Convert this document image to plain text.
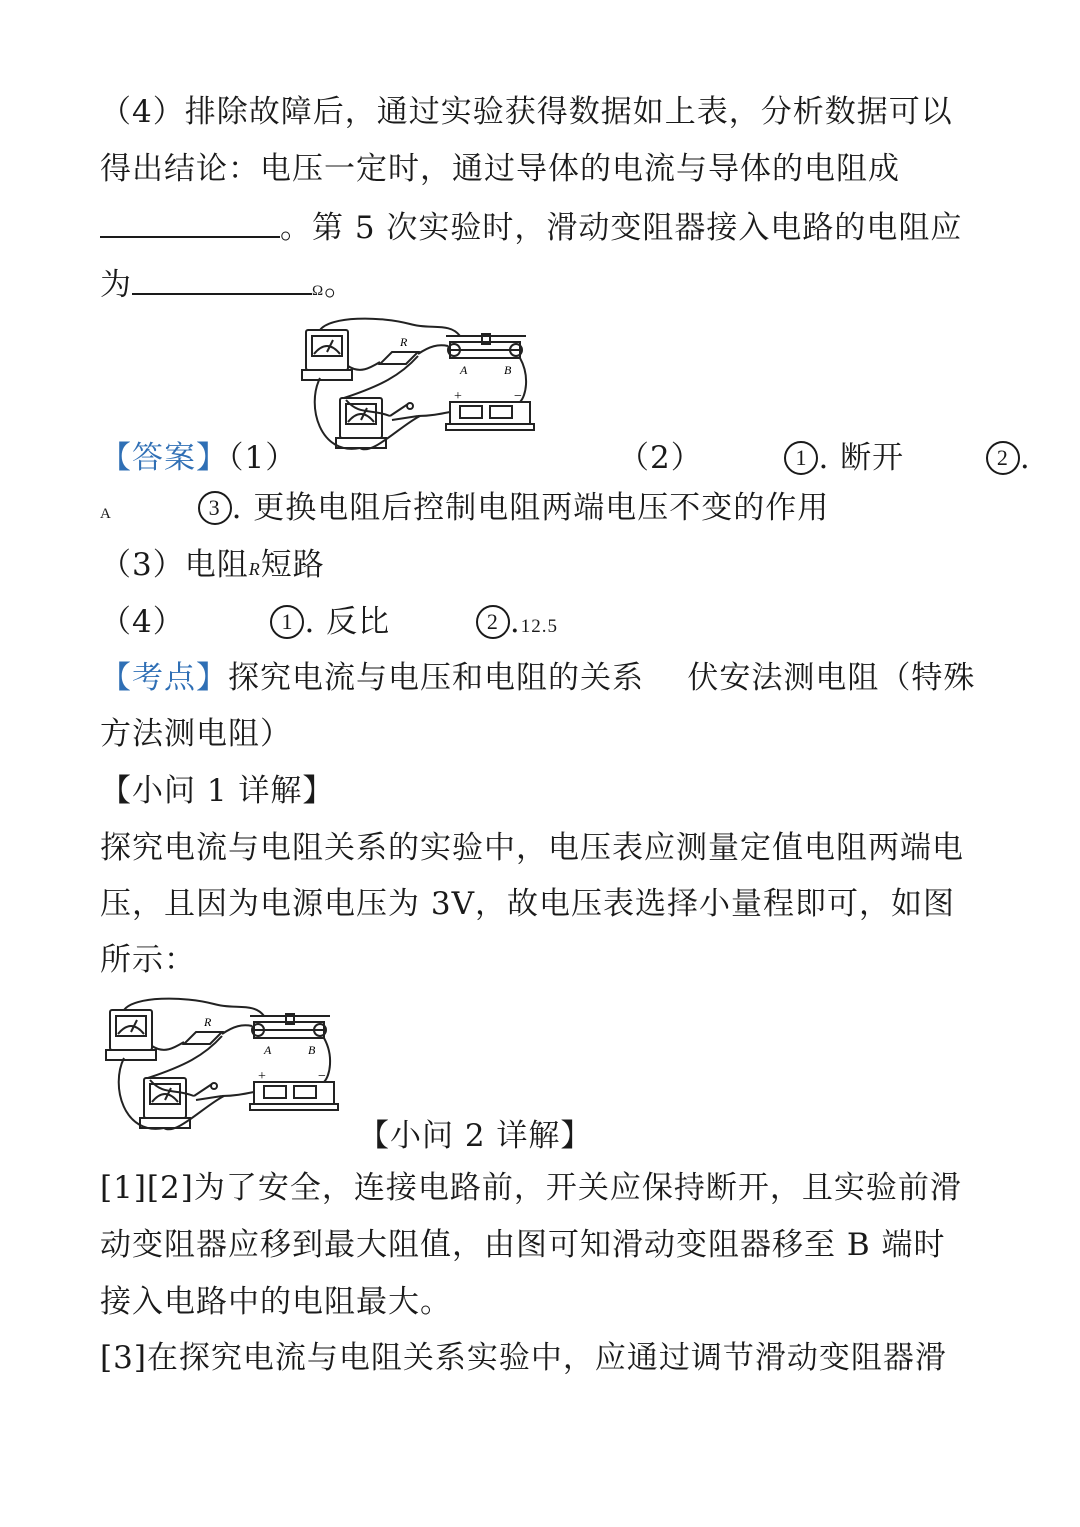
（4）排除故障后，通过实验获得数据如上表，分析数据可以
得出结论：电压一定时，通过导体的电流与导体的电阻成
。第 5 次实验时，滑动变阻器接入电路的电阻应
为	Ω。
R
A	B
+	−
【答案】（1）	（2）	1 . 断开	2 .
A	3 . 更换电阻后控制电阻两端电压不变的作用
（3）电阻R短路
（4）	1 . 反比	2 .12.5
【考点】探究电流与电压和电阻的关系    伏安法测电阻（特殊
方法测电阻）
【小问 1 详解】
探究电流与电阻关系的实验中，电压表应测量定值电阻两端电
压，且因为电源电压为 3V，故电压表选择小量程即可，如图
所示：
R
A	B
+	−
【小问 2 详解】
[1][2]为了安全，连接电路前，开关应保持断开，且实验前滑
动变阻器应移到最大阻值，由图可知滑动变阻器移至 B 端时
接入电路中的电阻最大。
[3]在探究电流与电阻关系实验中，应通过调节滑动变阻器滑
